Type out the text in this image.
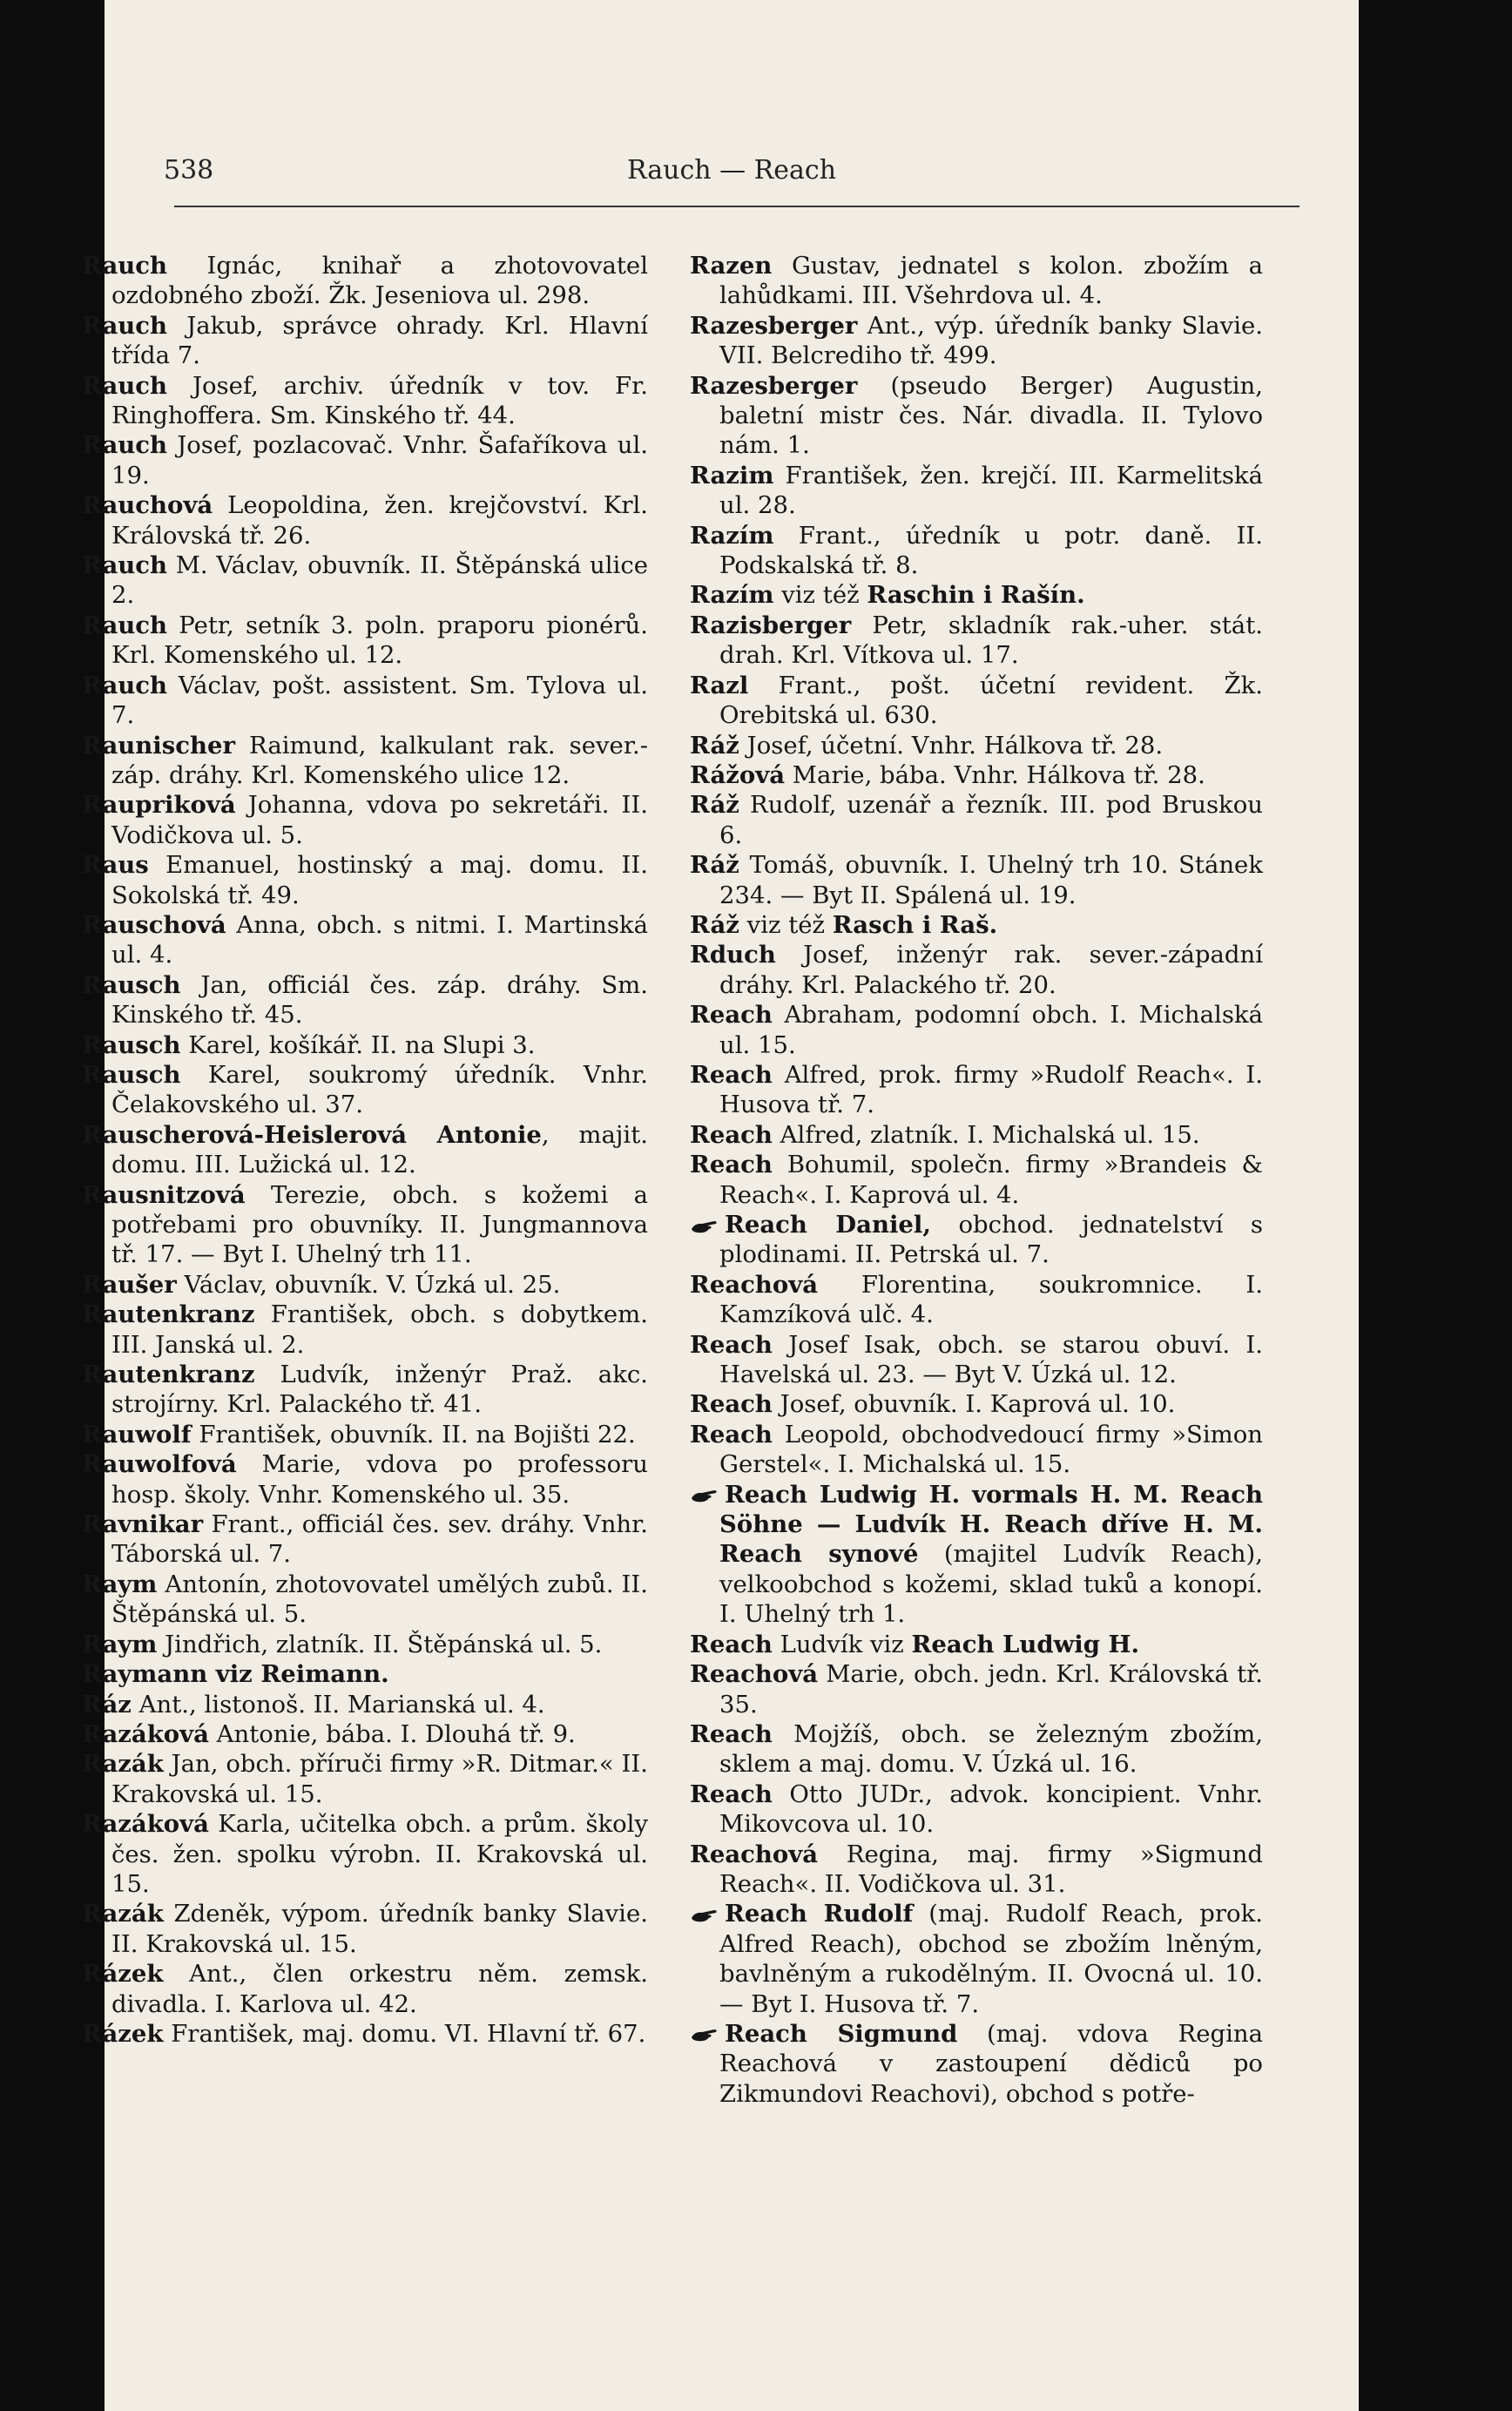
538	Rauch — Reach

Rauch Ignác, knihař a zhotovovatel ozdobného zboží. Žk. Jeseniova ul. 298.

Rauch Jakub, správce ohrady. Krl. Hlavní třída 7.

Rauch Josef, archiv. úředník v tov. Fr. Ringhoffera. Sm. Kinského tř. 44.

Rauch Josef, pozlacovač. Vnhr. Šafaříkova ul. 19.

Rauchová Leopoldina, žen. krejčovství. Krl. Královská tř. 26.

Rauch M. Václav, obuvník. II. Štěpánská ulice 2.

Rauch Petr, setník 3. poln. praporu pionérů. Krl. Komenského ul. 12.

Rauch Václav, pošt. assistent. Sm. Tylova ul. 7.

Raunischer Raimund, kalkulant rak. sever.-záp. dráhy. Krl. Komenského ulice 12.

Raupriková Johanna, vdova po sekretáři. II. Vodičkova ul. 5.

Raus Emanuel, hostinský a maj. domu. II. Sokolská tř. 49.

Rauschová Anna, obch. s nitmi. I. Martinská ul. 4.

Rausch Jan, officiál čes. záp. dráhy. Sm. Kinského tř. 45.

Rausch Karel, košíkář. II. na Slupi 3.

Rausch Karel, soukromý úředník. Vnhr. Čelakovského ul. 37.

Rauscherová-Heislerová Antonie, majit. domu. III. Lužická ul. 12.

Rausnitzová Terezie, obch. s kožemi a potřebami pro obuvníky. II. Jungmannova tř. 17. — Byt I. Uhelný trh 11.

Raušer Václav, obuvník. V. Úzká ul. 25.

Rautenkranz František, obch. s dobytkem. III. Janská ul. 2.

Rautenkranz Ludvík, inženýr Praž. akc. strojírny. Krl. Palackého tř. 41.

Rauwolf František, obuvník. II. na Bojišti 22.

Rauwolfová Marie, vdova po professoru hosp. školy. Vnhr. Komenského ul. 35.

Ravnikar Frant., officiál čes. sev. dráhy. Vnhr. Táborská ul. 7.

Raym Antonín, zhotovovatel umělých zubů. II. Štěpánská ul. 5.

Raym Jindřich, zlatník. II. Štěpánská ul. 5.

Raymann viz Reimann.

Ráz Ant., listonoš. II. Marianská ul. 4.

Razáková Antonie, bába. I. Dlouhá tř. 9.

Razák Jan, obch. příruči firmy »R. Ditmar.« II. Krakovská ul. 15.

Razáková Karla, učitelka obch. a prům. školy čes. žen. spolku výrobn. II. Krakovská ul. 15.

Razák Zdeněk, výpom. úředník banky Slavie. II. Krakovská ul. 15.

Rázek Ant., člen orkestru něm. zemsk. divadla. I. Karlova ul. 42.

Rázek František, maj. domu. VI. Hlavní tř. 67.

Razen Gustav, jednatel s kolon. zbožím a lahůdkami. III. Všehrdova ul. 4.

Razesberger Ant., výp. úředník banky Slavie. VII. Belcrediho tř. 499.

Razesberger (pseudo Berger) Augustin, baletní mistr čes. Nár. divadla. II. Tylovo nám. 1.

Razim František, žen. krejčí. III. Karmelitská ul. 28.

Razím Frant., úředník u potr. daně. II. Podskalská tř. 8.

Razím viz též Raschin i Rašín.

Razisberger Petr, skladník rak.-uher. stát. drah. Krl. Vítkova ul. 17.

Razl Frant., pošt. účetní revident. Žk. Orebitská ul. 630.

Ráž Josef, účetní. Vnhr. Hálkova tř. 28.

Rážová Marie, bába. Vnhr. Hálkova tř. 28.

Ráž Rudolf, uzenář a řezník. III. pod Bruskou 6.

Ráž Tomáš, obuvník. I. Uhelný trh 10. Stánek 234. — Byt II. Spálená ul. 19.

Ráž viz též Rasch i Raš.

Rduch Josef, inženýr rak. sever.-západní dráhy. Krl. Palackého tř. 20.

Reach Abraham, podomní obch. I. Michalská ul. 15.

Reach Alfred, prok. firmy »Rudolf Reach«. I. Husova tř. 7.

Reach Alfred, zlatník. I. Michalská ul. 15.

Reach Bohumil, společn. firmy »Brandeis & Reach«. I. Kaprová ul. 4.

Reach Daniel, obchod. jednatelství s plodinami. II. Petrská ul. 7.

Reachová Florentina, soukromnice. I. Kamzíková ulč. 4.

Reach Josef Isak, obch. se starou obuví. I. Havelská ul. 23. — Byt V. Úzká ul. 12.

Reach Josef, obuvník. I. Kaprová ul. 10.

Reach Leopold, obchodvedoucí firmy »Simon Gerstel«. I. Michalská ul. 15.

Reach Ludwig H. vormals H. M. Reach Söhne — Ludvík H. Reach dříve H. M. Reach synové (majitel Ludvík Reach), velkoobchod s kožemi, sklad tuků a konopí. I. Uhelný trh 1.

Reach Ludvík viz Reach Ludwig H.

Reachová Marie, obch. jedn. Krl. Královská tř. 35.

Reach Mojžíš, obch. se železným zbožím, sklem a maj. domu. V. Úzká ul. 16.

Reach Otto JUDr., advok. koncipient. Vnhr. Mikovcova ul. 10.

Reachová Regina, maj. firmy »Sigmund Reach«. II. Vodičkova ul. 31.

Reach Rudolf (maj. Rudolf Reach, prok. Alfred Reach), obchod se zbožím lněným, bavlněným a rukodělným. II. Ovocná ul. 10. — Byt I. Husova tř. 7.

Reach Sigmund (maj. vdova Regina Reachová v zastoupení dědiců po Zikmundovi Reachovi), obchod s potře-
